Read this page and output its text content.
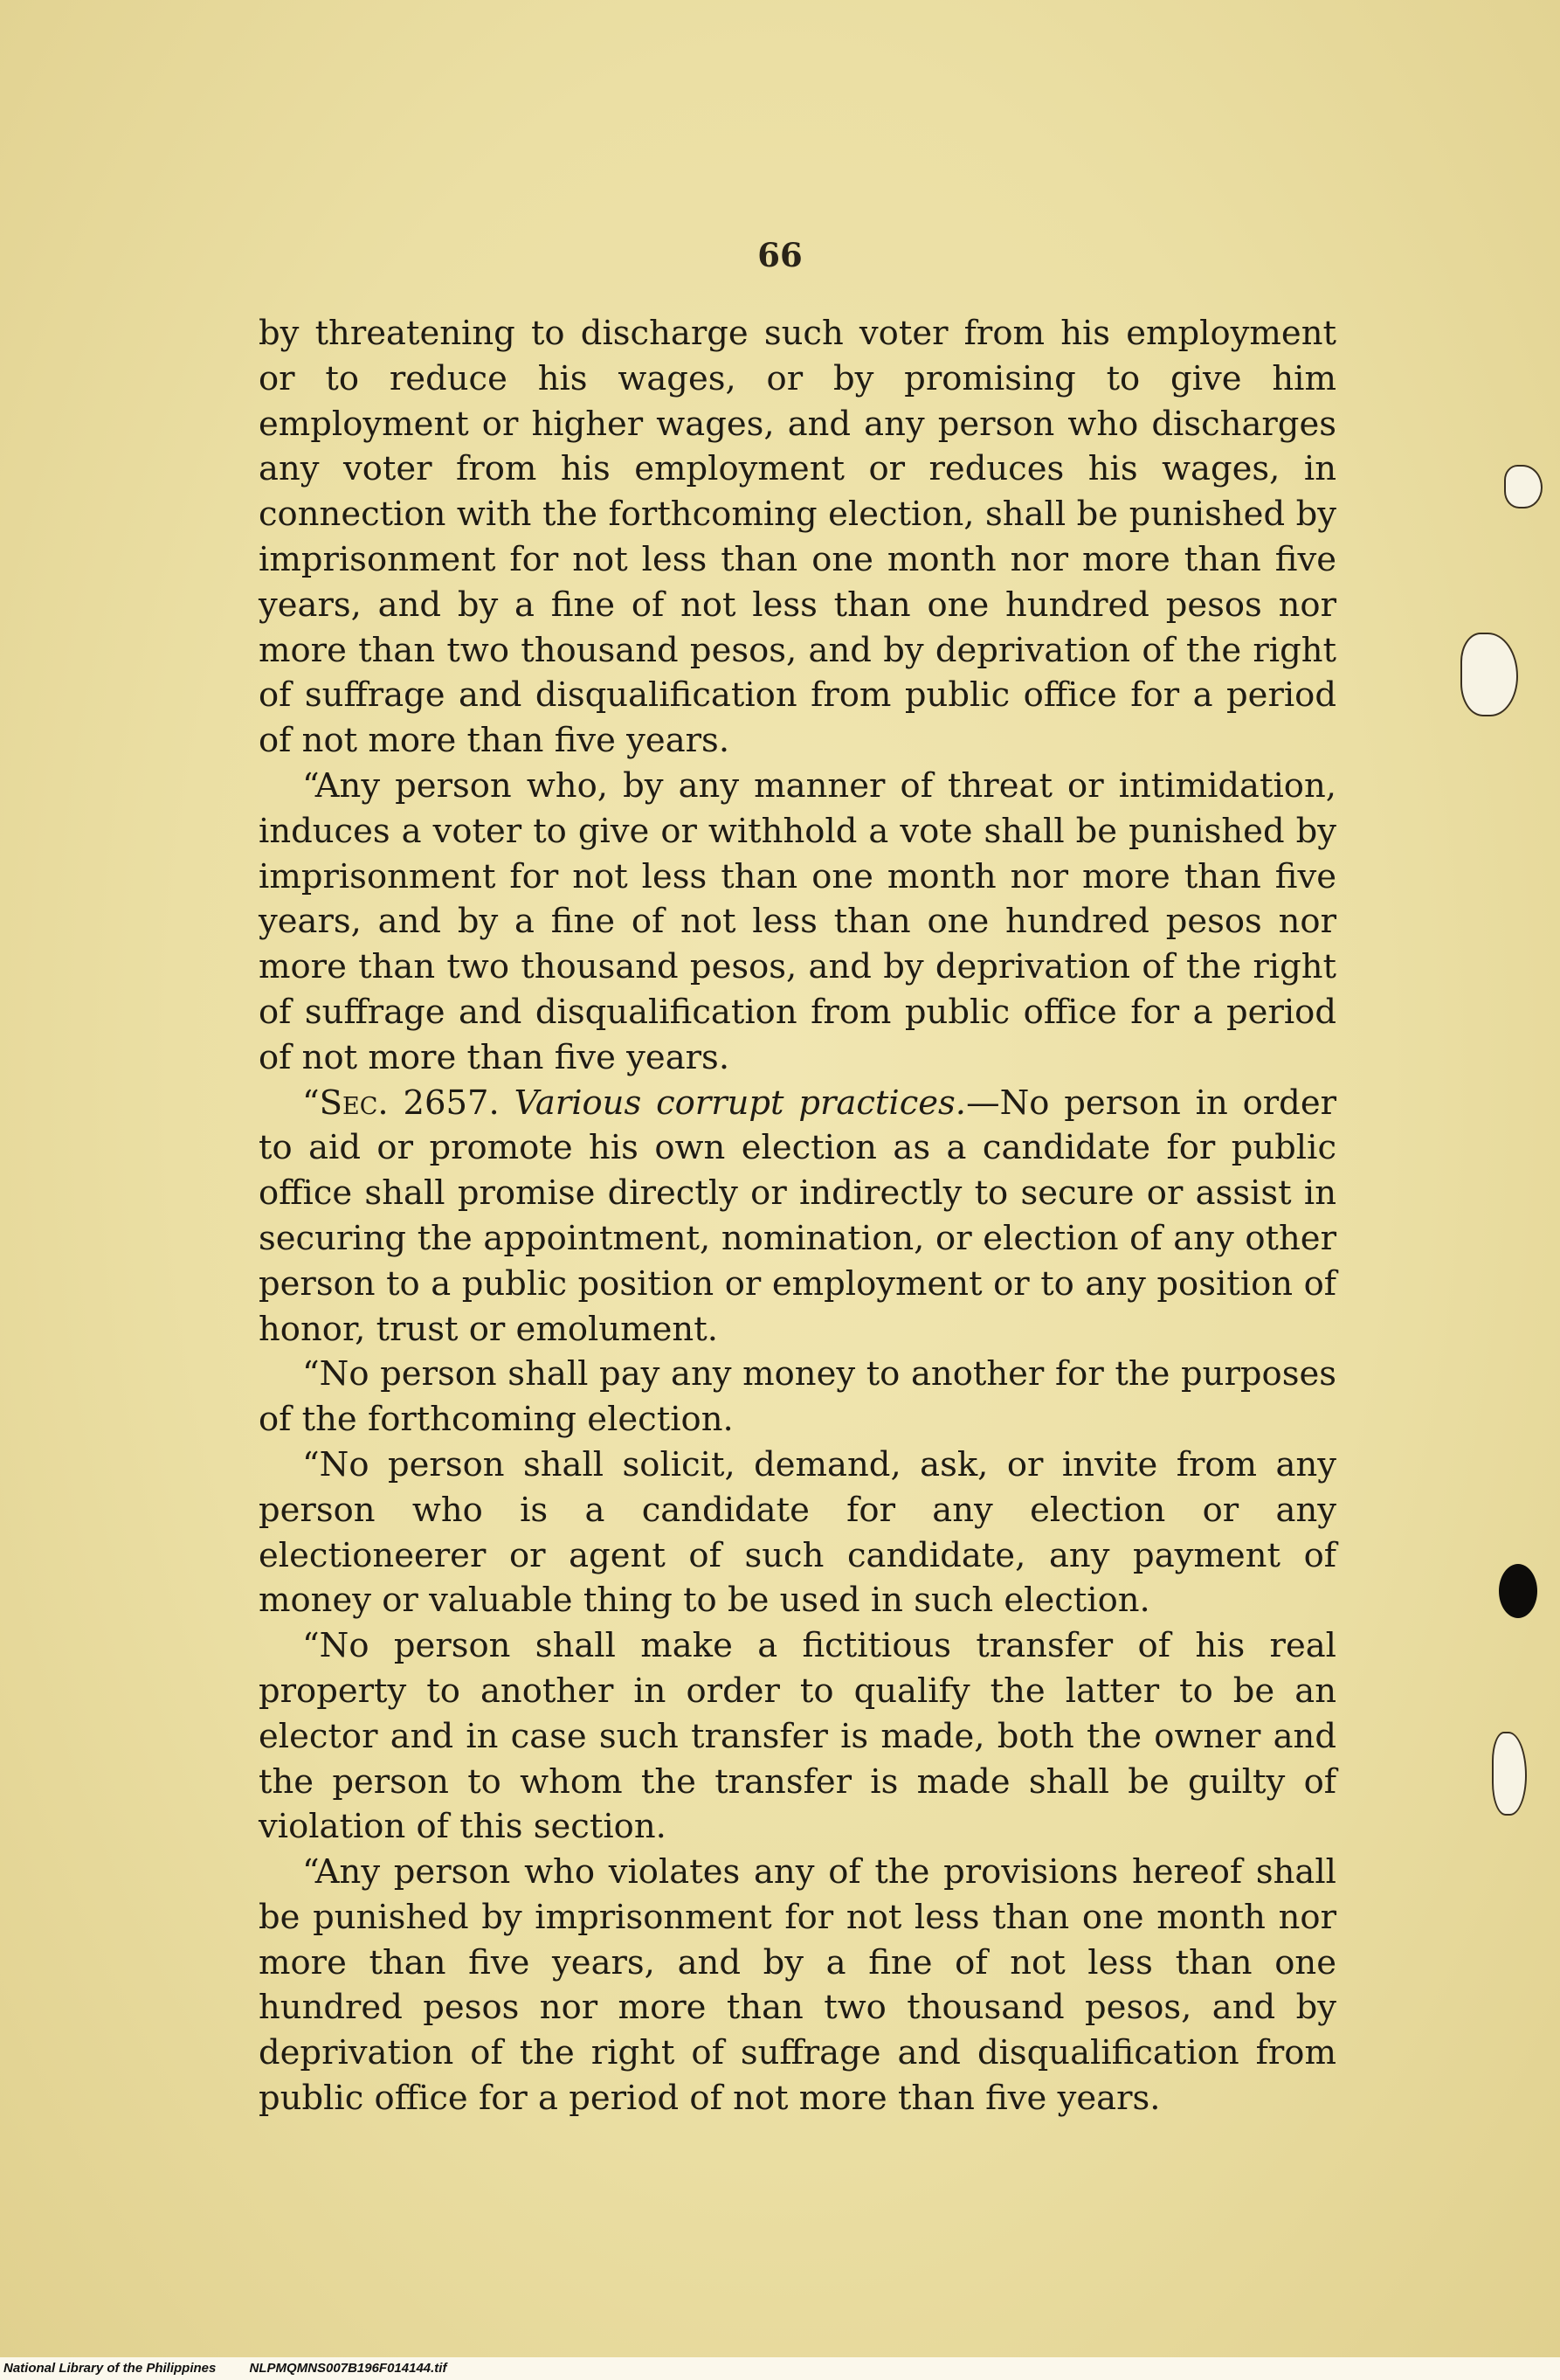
66

by threatening to discharge such voter from his employment or to reduce his wages, or by promising to give him employment or higher wages, and any person who discharges any voter from his employment or reduces his wages, in connection with the forthcoming election, shall be punished by imprisonment for not less than one month nor more than five years, and by a fine of not less than one hundred pesos nor more than two thousand pesos, and by deprivation of the right of suffrage and disqualification from public office for a period of not more than five years.

“Any person who, by any manner of threat or intimidation, induces a voter to give or withhold a vote shall be punished by imprisonment for not less than one month nor more than five years, and by a fine of not less than one hundred pesos nor more than two thousand pesos, and by deprivation of the right of suffrage and disqualification from public office for a period of not more than five years.

“Sec. 2657. Various corrupt practices.—No person in order to aid or promote his own election as a candidate for public office shall promise directly or indirectly to secure or assist in securing the appointment, nomination, or election of any other person to a public position or employment or to any position of honor, trust or emolument.

“No person shall pay any money to another for the purposes of the forthcoming election.

“No person shall solicit, demand, ask, or invite from any person who is a candidate for any election or any electioneerer or agent of such candidate, any payment of money or valuable thing to be used in such election.

“No person shall make a fictitious transfer of his real property to another in order to qualify the latter to be an elector and in case such transfer is made, both the owner and the person to whom the transfer is made shall be guilty of violation of this section.

“Any person who violates any of the provisions hereof shall be punished by imprisonment for not less than one month nor more than five years, and by a fine of not less than one hundred pesos nor more than two thousand pesos, and by deprivation of the right of suffrage and disqualification from public office for a period of not more than five years.

National Library of the Philippines	NLPMQMNS007B196F014144.tif
